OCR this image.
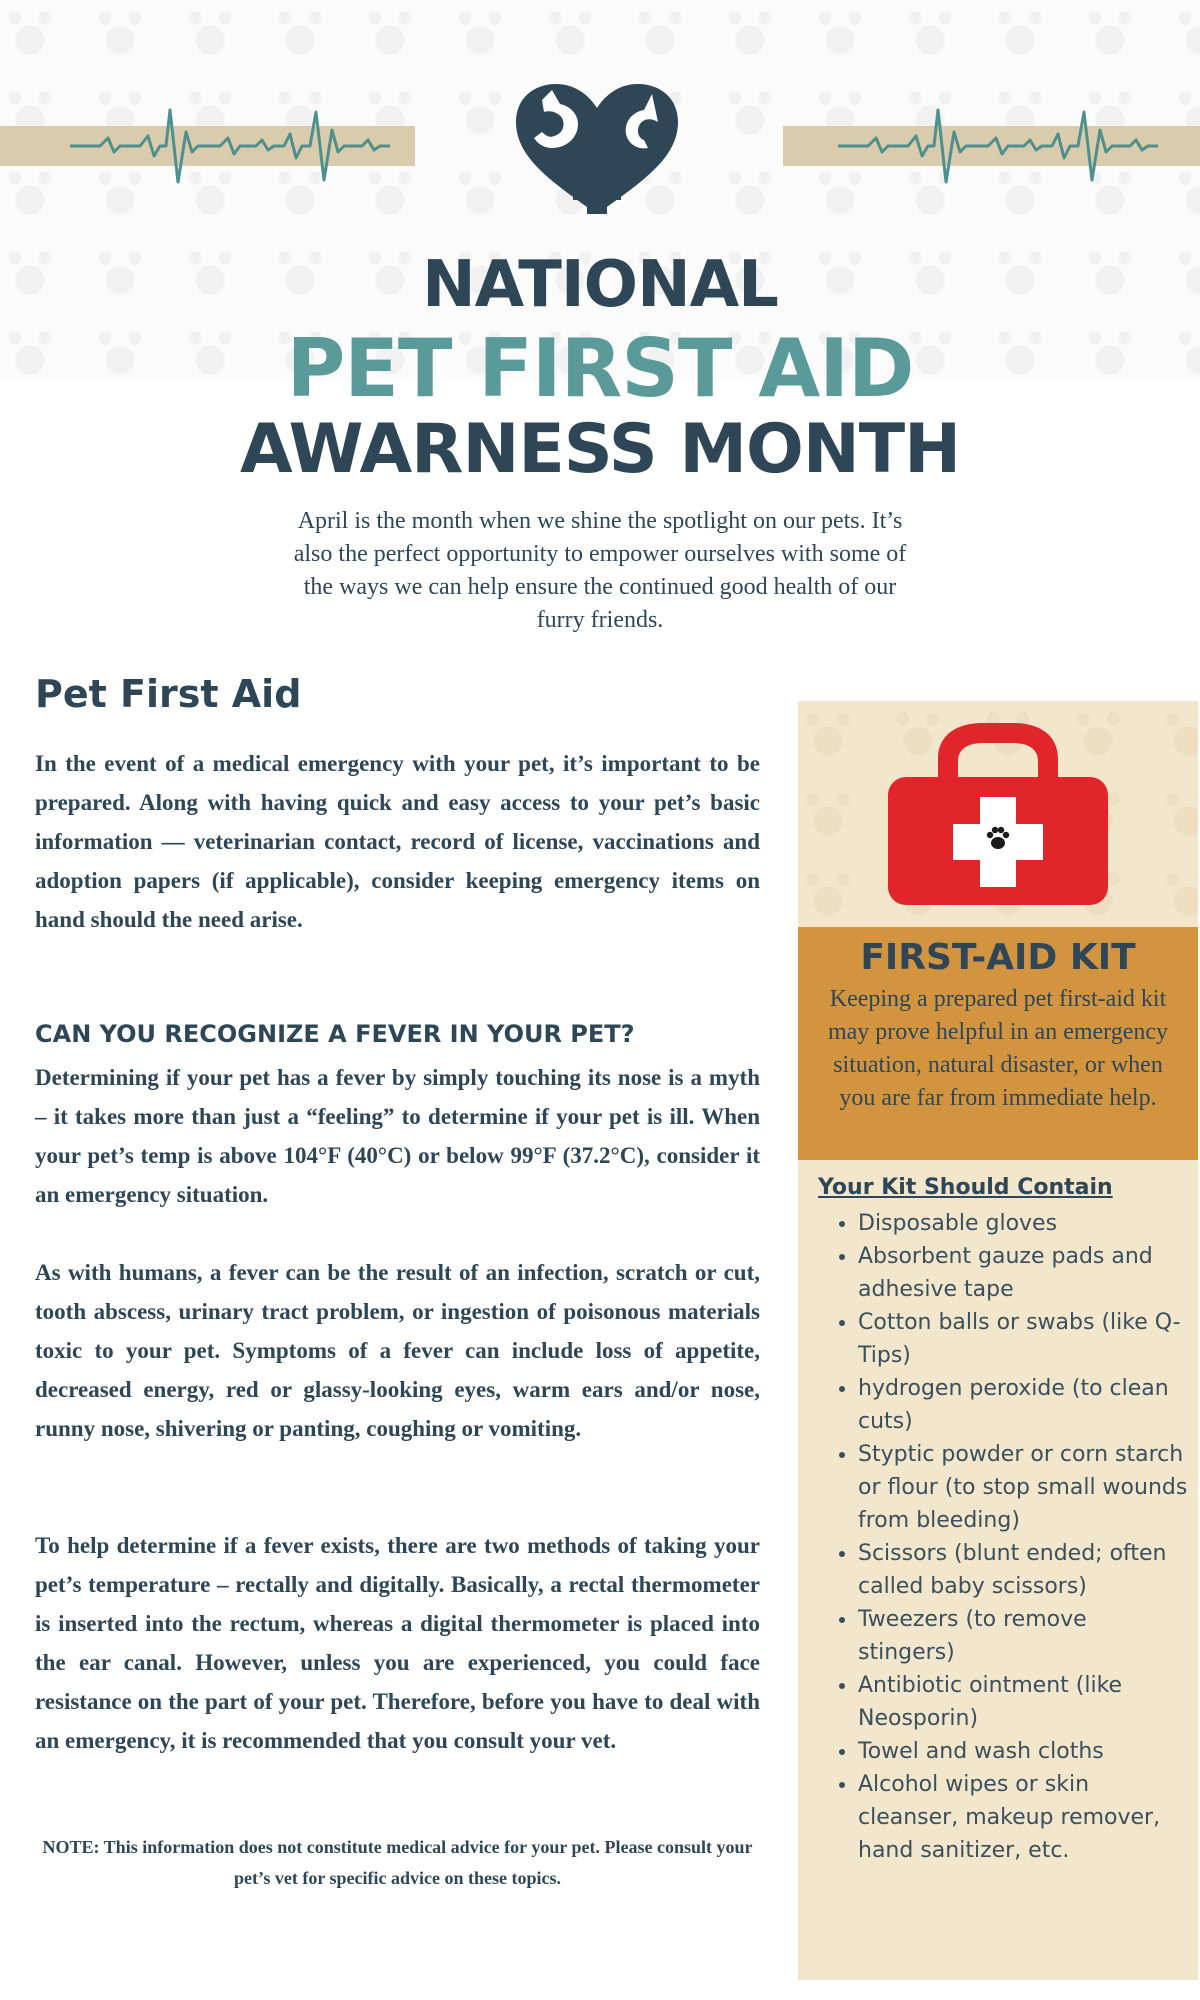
NATIONAL
PET FIRST AID
AWARNESS MONTH
April is the month when we shine the spotlight on our pets. It’s also the perfect opportunity to empower ourselves with some of the ways we can help ensure the continued good health of our furry friends.
Pet First Aid
In the event of a medical emergency with your pet, it’s important to be prepared. Along with having quick and easy access to your pet’s basic information — veterinarian contact, record of license, vaccinations and adoption papers (if applicable), consider keeping emergency items on hand should the need arise.
CAN YOU RECOGNIZE A FEVER IN YOUR PET?
Determining if your pet has a fever by simply touching its nose is a myth – it takes more than just a “feeling” to determine if your pet is ill. When your pet’s temp is above 104°F (40°C) or below 99°F (37.2°C), consider it an emergency situation.
As with humans, a fever can be the result of an infection, scratch or cut, tooth abscess, urinary tract problem, or ingestion of poisonous materials toxic to your pet. Symptoms of a fever can include loss of appetite, decreased energy, red or glassy-looking eyes, warm ears and/or nose, runny nose, shivering or panting, coughing or vomiting.
To help determine if a fever exists, there are two methods of taking your pet’s temperature – rectally and digitally. Basically, a rectal thermometer is inserted into the rectum, whereas a digital thermometer is placed into the ear canal. However, unless you are experienced, you could face resistance on the part of your pet. Therefore, before you have to deal with an emergency, it is recommended that you consult your vet.
NOTE: This information does not constitute medical advice for your pet. Please consult your pet’s vet for specific advice on these topics.
FIRST-AID KIT
Keeping a prepared pet first-aid kit may prove helpful in an emergency situation, natural disaster, or when you are far from immediate help.
Your Kit Should Contain
• Disposable gloves
• Absorbent gauze pads and adhesive tape
• Cotton balls or swabs (like Q-Tips)
• hydrogen peroxide (to clean cuts)
• Styptic powder or corn starch or flour (to stop small wounds from bleeding)
• Scissors (blunt ended; often called baby scissors)
• Tweezers (to remove stingers)
• Antibiotic ointment (like Neosporin)
• Towel and wash cloths
• Alcohol wipes or skin cleanser, makeup remover, hand sanitizer, etc.
